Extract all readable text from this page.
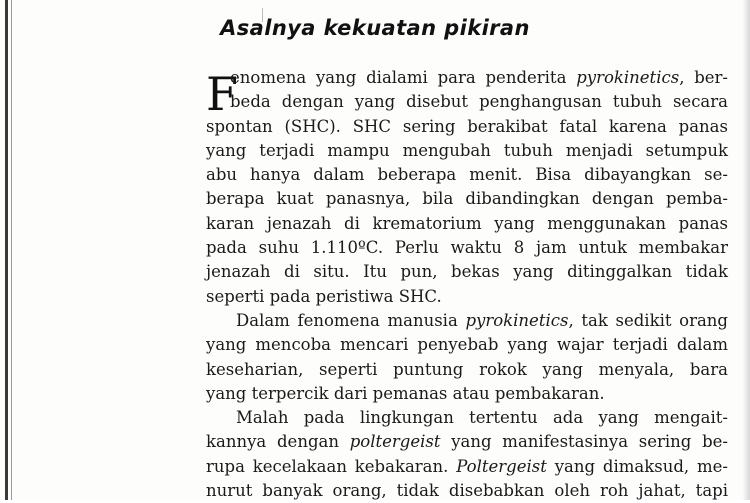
Asalnya kekuatan pikiran
F
enomena yang dialami para penderita pyrokinetics, ber-
beda dengan yang disebut penghangusan tubuh secara
spontan (SHC). SHC sering berakibat fatal karena panas
yang terjadi mampu mengubah tubuh menjadi setumpuk
abu hanya dalam beberapa menit. Bisa dibayangkan se-
berapa kuat panasnya, bila dibandingkan dengan pemba-
karan jenazah di krematorium yang menggunakan panas
pada suhu 1.110ºC. Perlu waktu 8 jam untuk membakar
jenazah di situ. Itu pun, bekas yang ditinggalkan tidak
seperti pada peristiwa SHC.
Dalam fenomena manusia pyrokinetics, tak sedikit orang
yang mencoba mencari penyebab yang wajar terjadi dalam
keseharian, seperti puntung rokok yang menyala, bara
yang terpercik dari pemanas atau pembakaran.
Malah pada lingkungan tertentu ada yang mengait-
kannya dengan poltergeist yang manifestasinya sering be-
rupa kecelakaan kebakaran. Poltergeist yang dimaksud, me-
nurut banyak orang, tidak disebabkan oleh roh jahat, tapi
